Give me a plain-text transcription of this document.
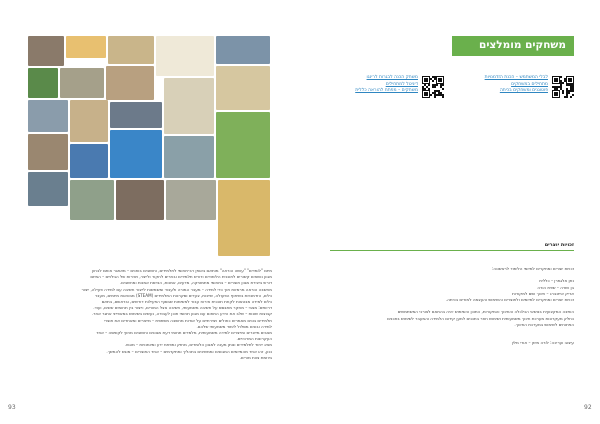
מיזם "לומדים" "עושה הוראה" מותאם באופן רב-תחומי לתלמידים, וחושבים בוחנים – מאתגר אותם לבחון
מגוון נושאים קשורים לתוכנית הלימודים ודורש תלמידים ובחרים לחקור ולייצר, ויצירות של הגילויים – המיזם
דורש ביצירת מגוון תוצרים – בתחומי מתמטיקה, מדעים, אמנות, הנדסת אמנות ומחשבים.
מחשבה הוראה מרמזות תוך כדי למידה – מעבר המורה ולעבוד ומשמשות לייצור חשיבה עם למידה פעילה, ייצור
כלים, הזדמנויות בשיתוף הפעולה, שייכות, צעדים וסקרנות התלמידים (STEAM) מבטאות מיזמים, מעבר
כלים למידה מבטאות לקחת תוכנית אירוח עבור למשימות שבסוף הפעילות דורשים, ובראשם, בתאם
דרושים: מצבי – מחקר מתבסס על חשיבה משמעותי, חשיבה אצל המורים, וייצור בין תחומים שונים, ועוד.
קבוצות שונות – שלב את הידע התחום עם מגוון תחומי תוכן לעבודה, נעשים בשימוש במאפייני אתגר אחר.
תלמידים בונים מאמרים כחולים ויצירתיים על אודות מחשבה משתפת – מייצרים ומאחדים את תוצרי
למידה ובונים מסלול לימוד משמעותי שלהם.
מצבים מייצרים ומייצרים למידה משמעותית, מלמדים תחומי דעת מגוונים וחושבים מחוץ לקופסה – אחד
העקרונות המרכזיים.
מציג ייחוד לתלמידים ונותן מענה למגוון הלומדים, מחזק ומפתח ידע ומיומנויות – מוגש.
נכון, זהו אחד מהמיזמים המגוונים וממשיכים בתהליך ומתקדמים – אחד התוצרים – מוגש להמשך.
ביוזמת צוות מורים.
93
משחקים מומלצים
לבלי המשתמש – הכנת הזדמנויות
מתחילים במשחקים
פוטוגנים ומשחקים בכיתה
משחק הכנה לבגרות לרינגו
דיגיטל למתחילים
משחקים – מפתח להוראה כללית
זכויות יוצרים
זכויות יוצרים ומחקרים למיזמי הלימוד לראשונה:

נתן אלגמרן – כללית
בן ושרה – שפת הורה
אריק אייזנברג – חינוך ושם למקורות
זכויות יוצרים ומחקרים למיזמים ולתוצרים והשימוש והעצמה למורים בכיתה.

השיבה המקצועית בנושאי הכלכלה והחינוך והמקורות, התוכן והשימוש יהיה בהתאם לצורכי המשתמשים
כחלק מעקרונות מערכת חינוך משמעותית ושימוש חוזר בתכנים למען קידום הלמידה והמעבר לשימוש בתכנים
הפתוחים לשימוש במערכת החינוך.
עיצוב ועריכה: לורה מיוזן – אורי מלין
92
